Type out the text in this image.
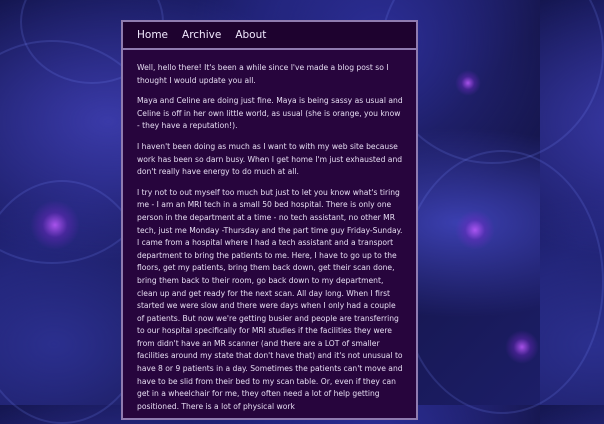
Home Archive About

Well, hello there! It's been a while since I've made a blog post so I thought I would update you all.

Maya and Celine are doing just fine. Maya is being sassy as usual and Celine is off in her own little world, as usual (she is orange, you know - they have a reputation!).

I haven't been doing as much as I want to with my web site because work has been so darn busy. When I get home I'm just exhausted and don't really have energy to do much at all.

I try not to out myself too much but just to let you know what's tiring me - I am an MRI tech in a small 50 bed hospital. There is only one person in the department at a time - no tech assistant, no other MR tech, just me Monday -Thursday and the part time guy Friday-Sunday. I came from a hospital where I had a tech assistant and a transport department to bring the patients to me. Here, I have to go up to the floors, get my patients, bring them back down, get their scan done, bring them back to their room, go back down to my department, clean up and get ready for the next scan. All day long. When I first started we were slow and there were days when I only had a couple of patients. But now we're getting busier and people are transferring to our hospital specifically for MRI studies if the facilities they were from didn't have an MR scanner (and there are a LOT of smaller facilities around my state that don't have that) and it's not unusual to have 8 or 9 patients in a day. Sometimes the patients can't move and have to be slid from their bed to my scan table. Or, even if they can get in a wheelchair for me, they often need a lot of help getting positioned. There is a lot of physical work
